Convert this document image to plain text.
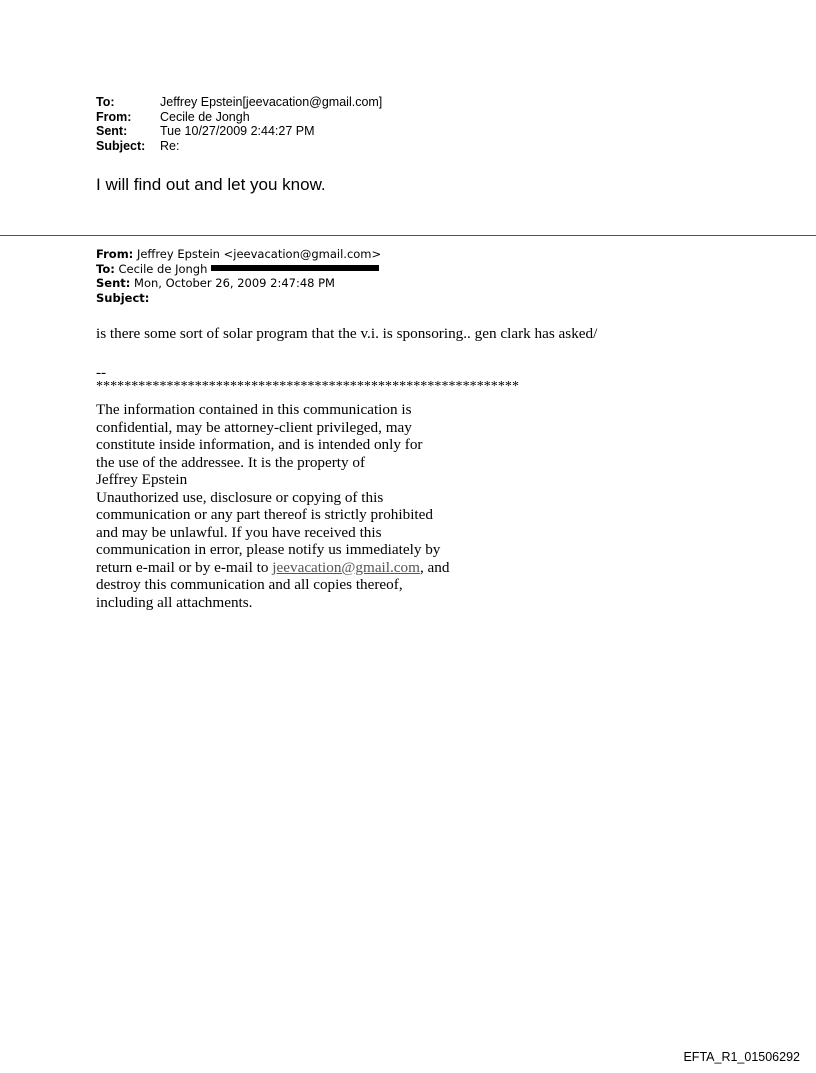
To:	Jeffrey Epstein[jeevacation@gmail.com]
From:	Cecile de Jongh
Sent:	Tue 10/27/2009 2:44:27 PM
Subject:	Re:
I will find out and let you know.
From: Jeffrey Epstein <jeevacation@gmail.com>
To: Cecile de Jongh
Sent: Mon, October 26, 2009 2:47:48 PM
Subject:
is there some sort of solar program that the v.i. is sponsoring.. gen clark has asked/
--
************************************************************
The information contained in this communication is
confidential, may be attorney-client privileged, may
constitute inside information, and is intended only for
the use of the addressee. It is the property of
Jeffrey Epstein
Unauthorized use, disclosure or copying of this
communication or any part thereof is strictly prohibited
and may be unlawful. If you have received this
communication in error, please notify us immediately by
return e-mail or by e-mail to jeevacation@gmail.com, and
destroy this communication and all copies thereof,
including all attachments.
EFTA_R1_01506292
